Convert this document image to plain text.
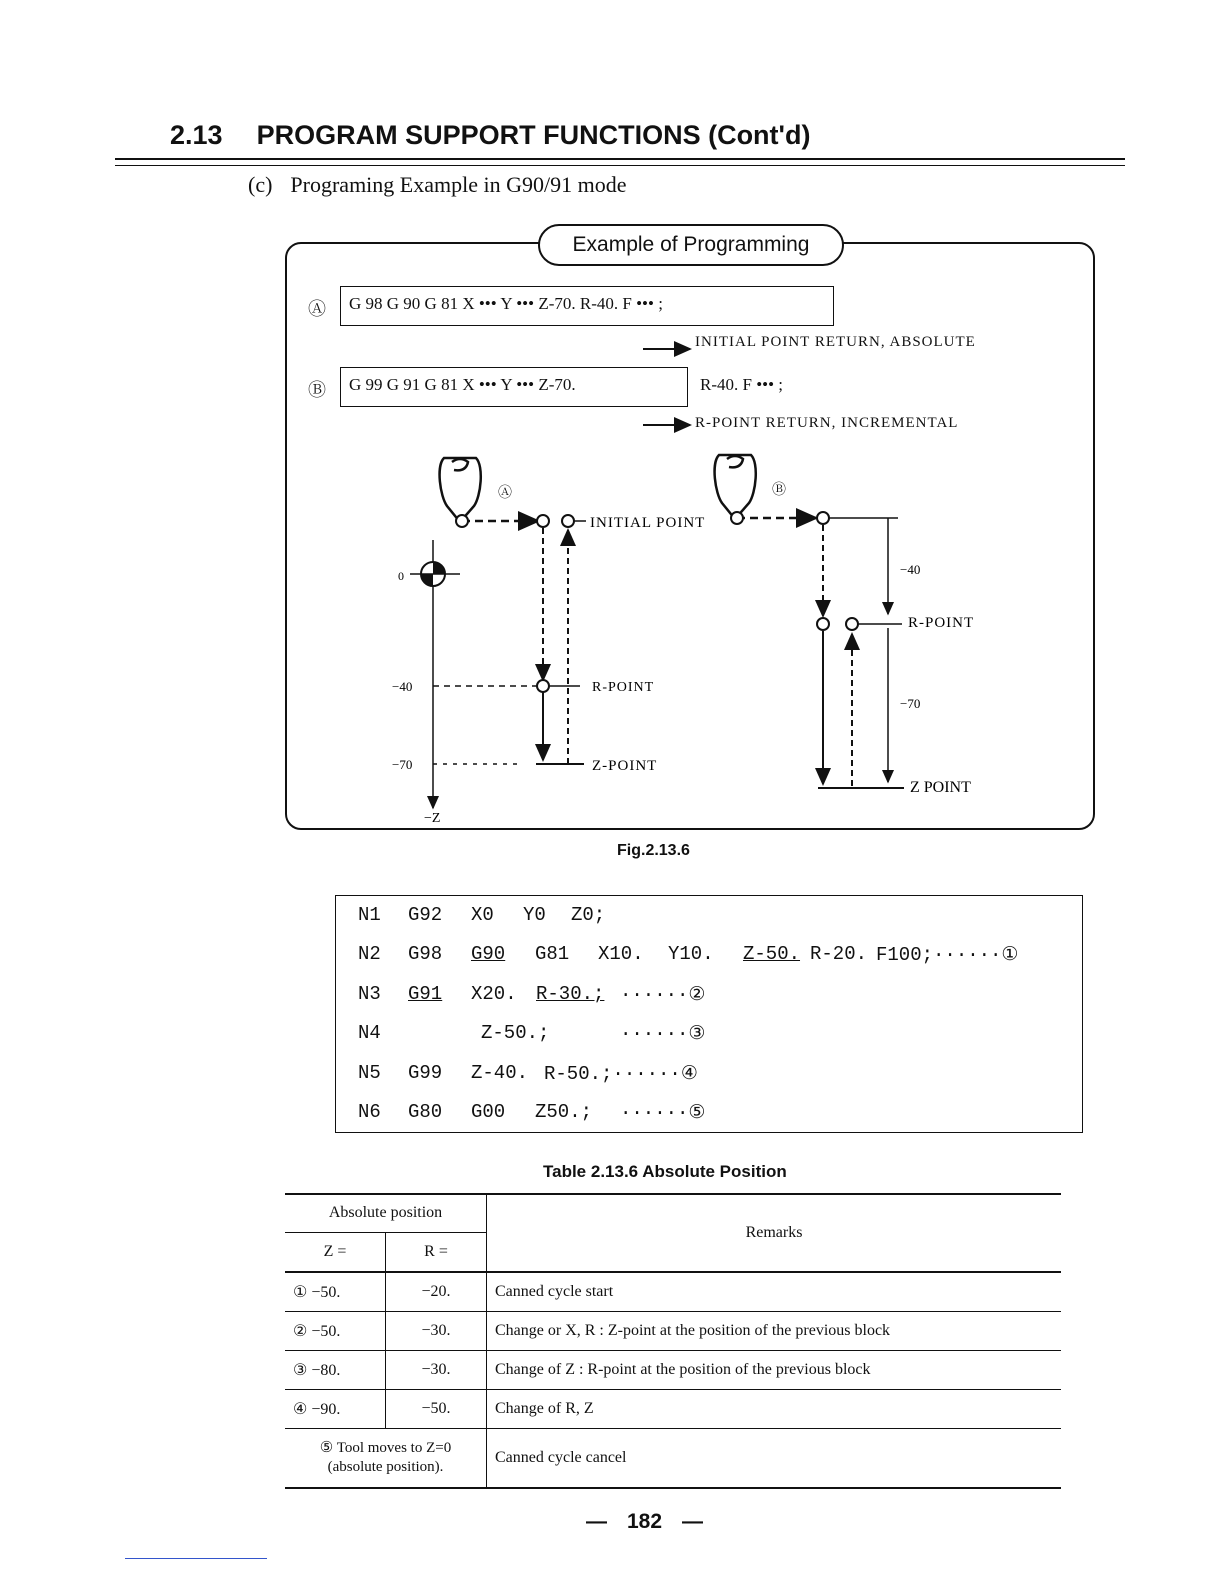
2.13 PROGRAM SUPPORT FUNCTIONS (Cont'd)
(c) Programing Example in G90/91 mode
Example of Programming
Ⓐ	G 98 G 90 G 81 X ••• Y ••• Z-70. R-40. F ••• ;
INITIAL POINT RETURN, ABSOLUTE
Ⓑ	G 99 G 91 G 81 X ••• Y ••• Z-70.	R-40. F ••• ;
R-POINT RETURN, INCREMENTAL
Ⓐ
0
−40
−70
−Z
INITIAL POINT
R-POINT
Z-POINT
Ⓑ
−40
−70
R-POINT
Z POINT
Fig.2.13.6
N1 G92 X0 Y0 Z0;
N2 G98 G90 G81 X10. Y10. Z-50. R-20. F100;······①
N3 G91 X20. R-30.; ······②
N4	Z-50.;	······③
N5 G99 Z-40. R-50.;······④
N6 G80 G00 Z50.; ······⑤
Table 2.13.6 Absolute Position
Absolute position		Remarks
Z =	R =	
① −50.	−20.	Canned cycle start
② −50.	−30.	Change or X, R : Z-point at the position of the previous block
③ −80.	−30.	Change of Z : R-point at the position of the previous block
④ −90.	−50.	Change of R, Z

⑤ Tool moves to Z=0
(absolute position).		Canned cycle cancel
— 182 —
